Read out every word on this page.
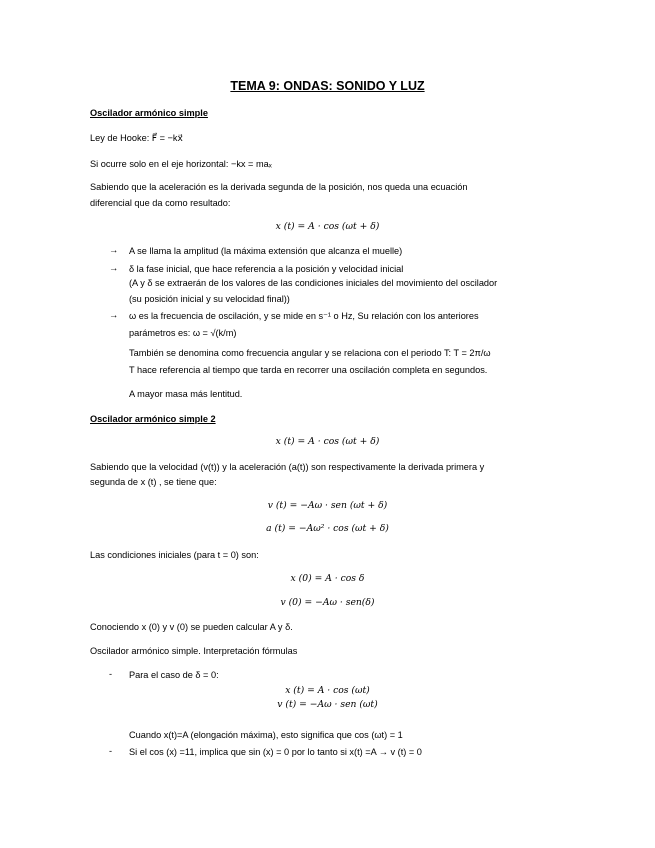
TEMA 9: ONDAS: SONIDO Y LUZ
Oscilador armónico simple
Ley de Hooke: F⃗ = −kx⃗
Si ocurre solo en el eje horizontal: −kx = maₓ
Sabiendo que la aceleración es la derivada segunda de la posición, nos queda una ecuación
diferencial que da como resultado:
x (t) = A · cos (ωt + δ)
→ A se llama la amplitud (la máxima extensión que alcanza el muelle)
→ δ la fase inicial, que hace referencia a la posición y velocidad inicial
(A y δ se extraerán de los valores de las condiciones iniciales del movimiento del oscilador
(su posición inicial y su velocidad final))
→ ω es la frecuencia de oscilación, y se mide en s⁻¹ o Hz, Su relación con los anteriores
parámetros es: ω = √(k/m)
También se denomina como frecuencia angular y se relaciona con el periodo T: T = 2π/ω
T hace referencia al tiempo que tarda en recorrer una oscilación completa en segundos.
A mayor masa más lentitud.
Oscilador armónico simple 2
x (t) = A · cos (ωt + δ)
Sabiendo que la velocidad (v(t)) y la aceleración (a(t)) son respectivamente la derivada primera y
segunda de x (t) , se tiene que:
v (t) = −Aω · sen (ωt + δ)
a (t) = −Aω² · cos (ωt + δ)
Las condiciones iniciales (para t = 0) son:
x (0) = A · cos δ
v (0) = −Aω · sen(δ)
Conociendo x (0) y v (0) se pueden calcular A y δ.
Oscilador armónico simple. Interpretación fórmulas
- Para el caso de δ = 0:
x (t) = A · cos (ωt)
v (t) = −Aω · sen (ωt)
Cuando x(t)=A (elongación máxima), esto significa que cos (ωt) = 1
- Si el cos (x) =11, implica que sin (x) = 0 por lo tanto si x(t) =A → v (t) = 0
